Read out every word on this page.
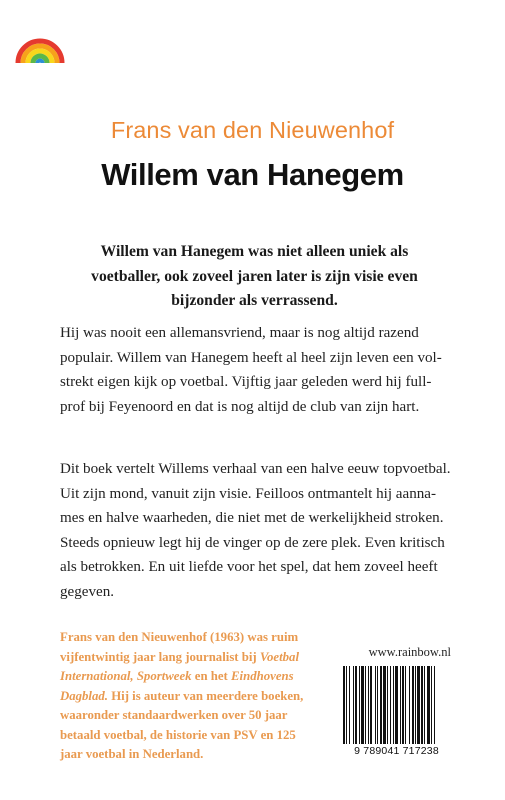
Frans van den Nieuwenhof
Willem van Hanegem
Willem van Hanegem was niet alleen uniek als
voetballer, ook zoveel jaren later is zijn visie even
bijzonder als verrassend.
Hij was nooit een allemansvriend, maar is nog altijd razend
populair. Willem van Hanegem heeft al heel zijn leven een vol-
strekt eigen kijk op voetbal. Vijftig jaar geleden werd hij full-
prof bij Feyenoord en dat is nog altijd de club van zijn hart.
Dit boek vertelt Willems verhaal van een halve eeuw topvoetbal.
Uit zijn mond, vanuit zijn visie. Feilloos ontmantelt hij aanna-
mes en halve waarheden, die niet met de werkelijkheid stroken.
Steeds opnieuw legt hij de vinger op de zere plek. Even kritisch
als betrokken. En uit liefde voor het spel, dat hem zoveel heeft
gegeven.
Frans van den Nieuwenhof (1963) was ruim
vijfentwintig jaar lang journalist bij Voetbal
International, Sportweek en het Eindhovens
Dagblad. Hij is auteur van meerdere boeken,
waaronder standaardwerken over 50 jaar
betaald voetbal, de historie van PSV en 125
jaar voetbal in Nederland.
www.rainbow.nl
9 789041 717238
